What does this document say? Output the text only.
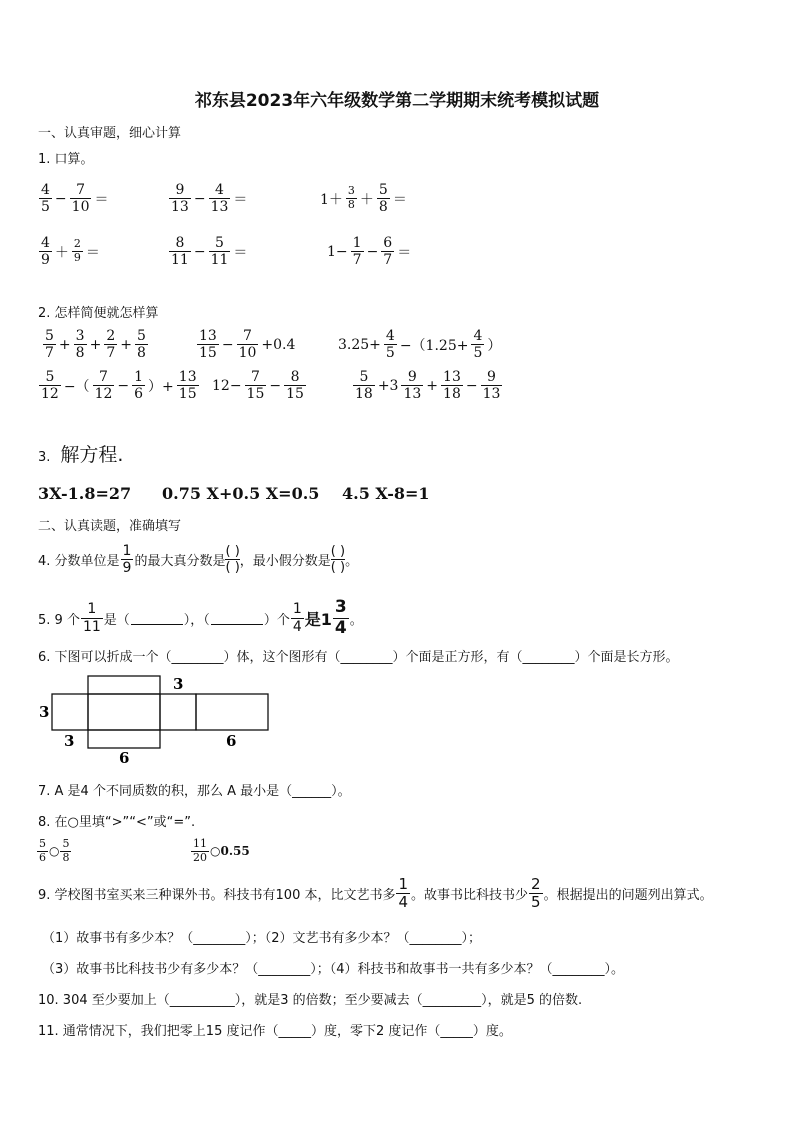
祁东县2023年六年级数学第二学期期末统考模拟试题
一、认真审题，细心计算
1. 口算。
$\frac{4}{5} - \frac{7}{10}$ ＝	$\frac{9}{13} - \frac{4}{13}$ ＝	$1+ \frac{3}{8} + \frac{5}{8}$ ＝
$\frac{4}{9} + \frac{2}{9}$ ＝	$\frac{8}{11} - \frac{5}{11}$ ＝	$1- \frac{1}{7} - \frac{6}{7}$ ＝
2. 怎样简便就怎样算
$\frac{5}{7} + \frac{3}{8} + \frac{2}{7} + \frac{5}{8}$	$\frac{13}{15} - \frac{7}{10} +0.4$	$3.25+ \frac{4}{5} -(1.25+ \frac{4}{5}$ ）
$\frac{5}{12}$ −（ $\frac{7}{12} - \frac{1}{6}$ ）+ $\frac{13}{15} 12- \frac{7}{15} - \frac{8}{15}$	$\frac{5}{18} +3 \frac{9}{13} + \frac{13}{18} - \frac{9}{13}$
3. 解方程.
3X-1.8=27 0.75 X+0.5 X=0.5 4.5 X-8=1
二、认真读题，准确填写
4. 分数单位是 $\frac{1}{9}$ 的最大真分数是
( )
( ) ，最小假分数是
( )
( ) 。
5. 9 个 $\frac{1}{11}$ 是（	），（	）个 $\frac{1}{4}$ 是$1 \frac{3}{4}$ 。
6. 下图可以折成一个（________）体，这个图形有（________）个面是正方形，有（________）个面是长方形。
3
3
3
6
6
7. A 是4 个不同质数的积，那么 A 最小是（______）。
8. 在○里填“>”“<”或“=”.
$\frac{5}{6}$ ○ $\frac{5}{8}$	$\frac{11}{20}$ ○ 0.55
9. 学校图书室买来三种课外书。科技书有100 本，比文艺书多 $\frac{1}{4}$ 。故事书比科技书少 $\frac{2}{5}$ 。根据提出的问题列出算式。
（1）故事书有多少本？（________）；（2）文艺书有多少本？（________）；
（3）故事书比科技书少有多少本？（________）；（4）科技书和故事书一共有多少本？（________）。
10. 304 至少要加上（__________），就是3 的倍数；至少要减去（_________），就是5 的倍数.
11. 通常情况下，我们把零上15 度记作（_____）度，零下2 度记作（_____）度。
